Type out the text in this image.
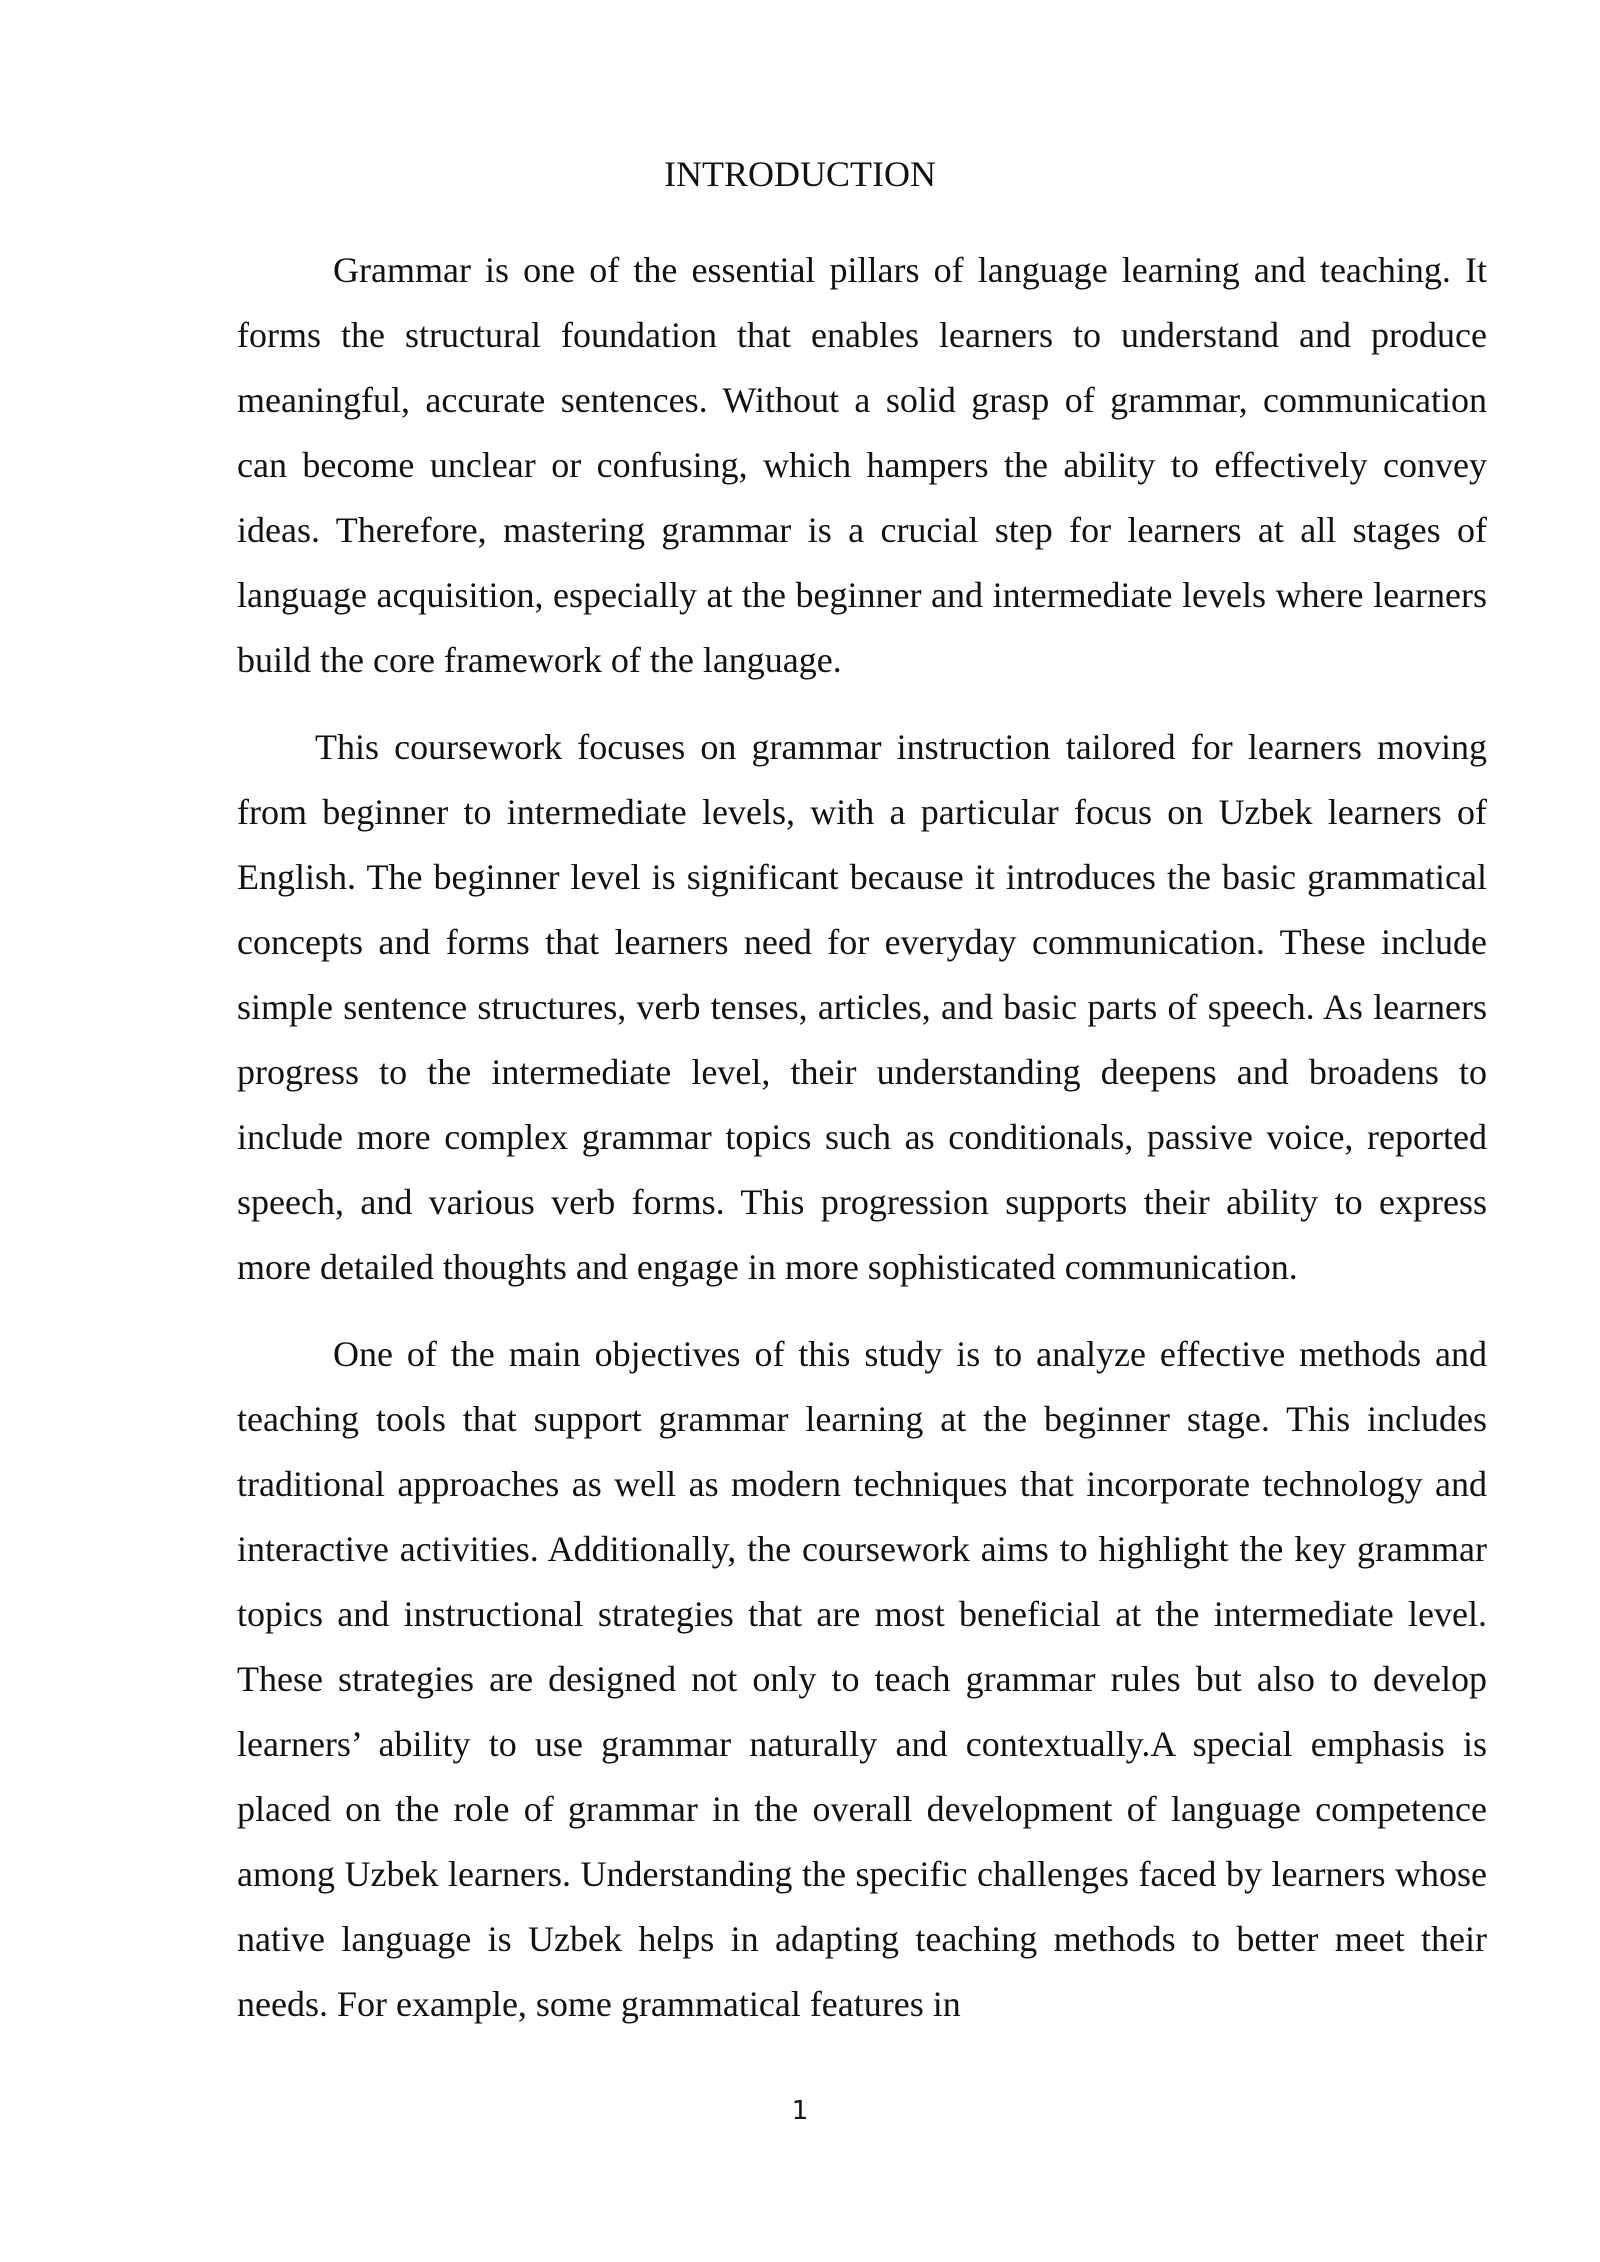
INTRODUCTION

Grammar is one of the essential pillars of language learning and teaching. It forms the structural foundation that enables learners to understand and produce meaningful, accurate sentences. Without a solid grasp of grammar, communication can become unclear or confusing, which hampers the ability to effectively convey ideas. Therefore, mastering grammar is a crucial step for learners at all stages of language acquisition, especially at the beginner and intermediate levels where learners build the core framework of the language.

This coursework focuses on grammar instruction tailored for learners moving from beginner to intermediate levels, with a particular focus on Uzbek learners of English. The beginner level is significant because it introduces the basic grammatical concepts and forms that learners need for everyday communication. These include simple sentence structures, verb tenses, articles, and basic parts of speech. As learners progress to the intermediate level, their understanding deepens and broadens to include more complex grammar topics such as conditionals, passive voice, reported speech, and various verb forms. This progression supports their ability to express more detailed thoughts and engage in more sophisticated communication.

One of the main objectives of this study is to analyze effective methods and teaching tools that support grammar learning at the beginner stage. This includes traditional approaches as well as modern techniques that incorporate technology and interactive activities. Additionally, the coursework aims to highlight the key grammar topics and instructional strategies that are most beneficial at the intermediate level. These strategies are designed not only to teach grammar rules but also to develop learners’ ability to use grammar naturally and contextually.A special emphasis is placed on the role of grammar in the overall development of language competence among Uzbek learners. Understanding the specific challenges faced by learners whose native language is Uzbek helps in adapting teaching methods to better meet their needs. For example, some grammatical features in

1
